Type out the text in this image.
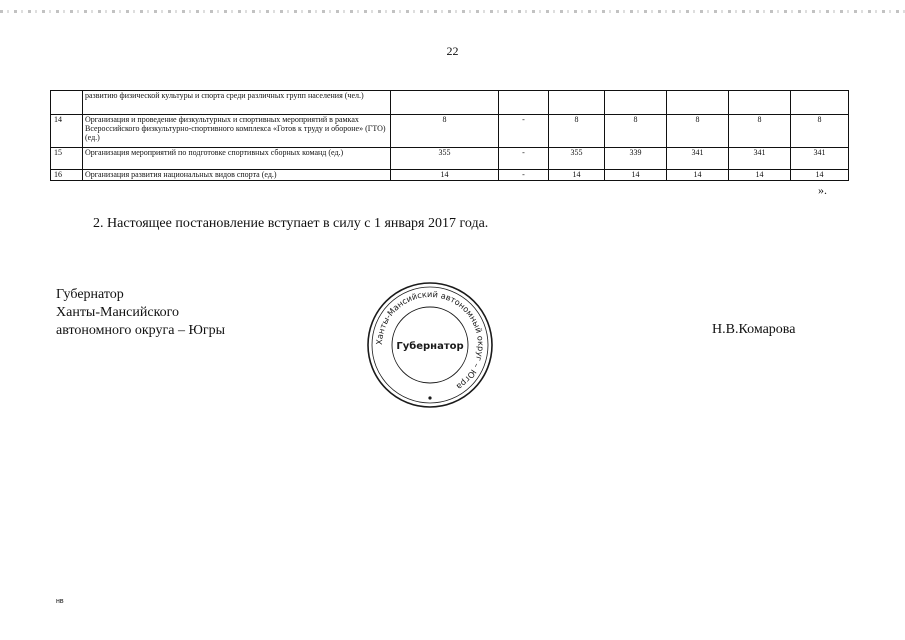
22
	развитию физической культуры и спорта среди различных групп населения (чел.)							
14	Организация и проведение физкультурных и спортивных мероприятий в рамках Всероссийского физкультурно-спортивного комплекса «Готов к труду и обороне» (ГТО) (ед.)	8	-	8	8	8	8	8
15	Организация мероприятий по подготовке спортивных сборных команд (ед.)	355	-	355	339	341	341	341
16	Организация развития национальных видов спорта (ед.)	14	-	14	14	14	14	14
».
2. Настоящее постановление вступает в силу с 1 января 2017 года.
Губернатор
Ханты-Мансийского
автономного округа – Югры
Ханты-Мансийский автономный округ – Югра
Губернатор
Н.В.Комарова
нв
